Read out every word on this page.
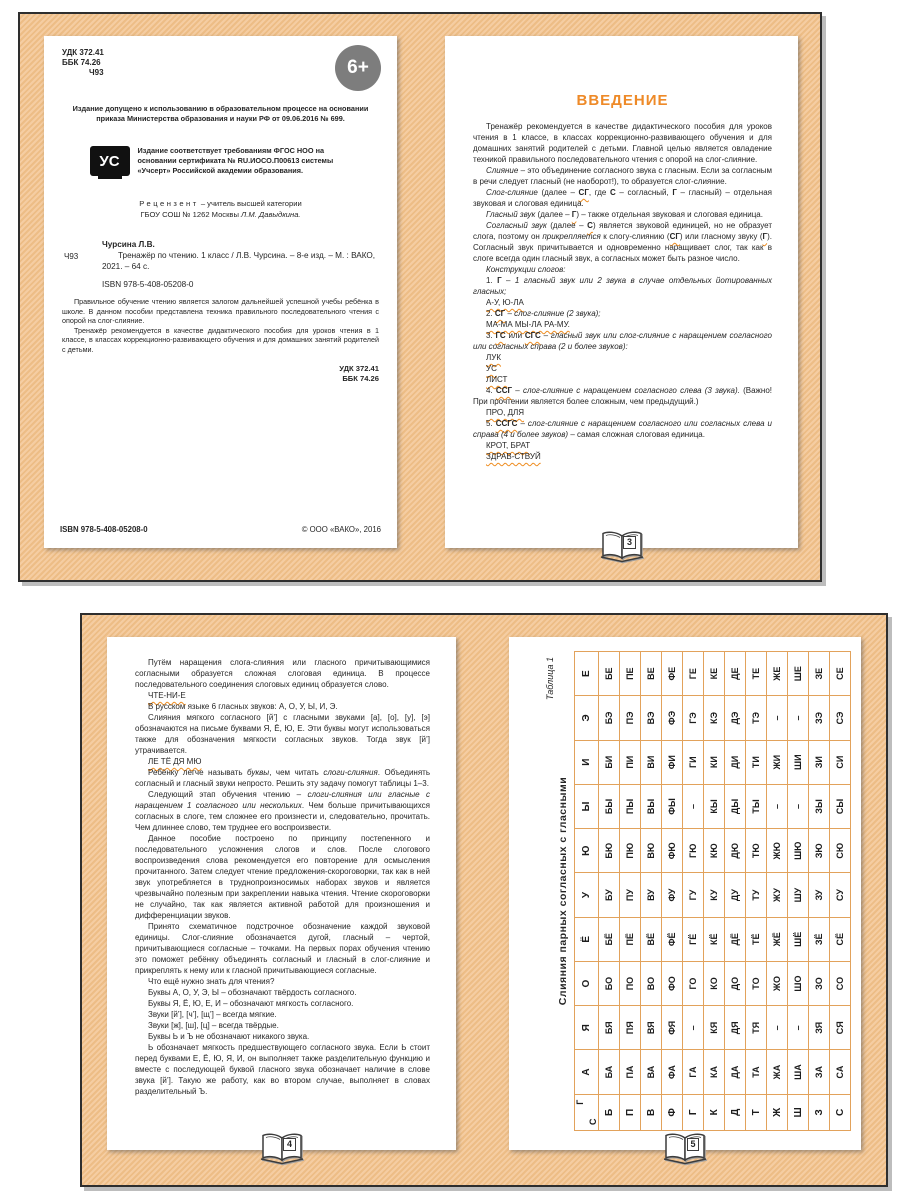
УДК 372.41
ББК 74.26
Ч93	6+
Издание допущено к использованию в образовательном процессе на основании приказа Министерства образования и науки РФ от 09.06.2016 № 699.
УС
Издание соответствует требованиям ФГОС НОО на основании сертификата № RU.ИОСО.П00613 системы «Учсерт» Российской академии образования.
Рецензент – учитель высшей категории
ГБОУ СОШ № 1262 Москвы Л.М. Давыдкина.
Чурсина Л.В.
Ч93	Тренажёр по чтению. 1 класс / Л.В. Чурсина. – 8-е изд. – М. : ВАКО, 2021. – 64 с.
ISBN 978-5-408-05208-0

Правильное обучение чтению является залогом дальнейшей успешной учебы ребёнка в школе. В данном пособии представлена техника правильного последовательного чтения с опорой на слог-слияние.

Тренажёр рекомендуется в качестве дидактического пособия для уроков чтения в 1 классе, в классах коррекционно-развивающего обучения и для домашних занятий родителей с детьми.

УДК 372.41
ББК 74.26
ISBN 978-5-408-05208-0	© ООО «ВАКО», 2016
ВВЕДЕНИЕ

Тренажёр рекомендуется в качестве дидактического пособия для уроков чтения в 1 классе, в классах коррекционно-развивающего обучения и для домашних занятий родителей с детьми. Главной целью является овладение техникой правильного последовательного чтения с опорой на слог-слияние.

Слияние – это объединение согласного звука с гласным. Если за согласным в речи следует гласный (не наоборот!), то образуется слог-слияние.

Слог-слияние (далее – СГ, где С – согласный, Г – гласный) – отдельная звуковая и слоговая единица.

Гласный звук (далее – Г) – также отдельная звуковая и слоговая единица.

Согласный звук (далее – С) является звуковой единицей, но не образует слога, поэтому он прикрепляется к слогу-слиянию (СГ) или гласному звуку (Г). Согласный звук причитывается и одновременно наращивает слог, так как в слоге всегда один гласный звук, а согласных может быть разное число.

Конструкции слогов:

1. Г – 1 гласный звук или 2 звука в случае отдельных йотированных гласных;

А-У, Ю-ЛА

2. СГ – слог-слияние (2 звука);

МА-МА МЫ-ЛА РА-МУ.

3. ГС или СГС – гласный звук или слог-слияние с наращением согласного или согласных справа (2 и более звуков):

ЛУК

УС

ЛИСТ

4. ССГ – слог-слияние с наращением согласного слева (3 звука). (Важно! При прочтении является более сложным, чем предыдущий.)

ПРО, ДЛЯ

5. ССГС – слог-слияние с наращением согласного или согласных слева и справа (4 и более звуков) – самая сложная слоговая единица.

КРОТ, БРАТ

ЗДРАВ-СТВУЙ

3

Путём наращения слога-слияния или гласного причитывающимися согласными образуется сложная слоговая единица. В процессе последовательного соединения слоговых единиц образуется слово.

ЧТЕ-НИ-Е

В русском языке 6 гласных звуков: А, О, У, Ы, И, Э.

Слияния мягкого согласного [й’] с гласными звуками [а], [о], [у], [э] обозначаются на письме буквами Я, Ё, Ю, Е. Эти буквы могут использоваться также для обозначения мягкости согласных звуков. Тогда звук [й’] утрачивается.

ЛЕ ТЁ ДЯ МЮ

Ребёнку легче называть буквы, чем читать слоги-слияния. Объединять согласный и гласный звуки непросто. Решить эту задачу помогут таблицы 1–3.

Следующий этап обучения чтению – слоги-слияния или гласные с наращением 1 согласного или нескольких. Чем больше причитывающихся согласных в слоге, тем сложнее его произнести и, следовательно, прочитать. Чем длиннее слово, тем труднее его воспроизвести.

Данное пособие построено по принципу постепенного и последовательного усложнения слогов и слов. После слогового воспроизведения слова рекомендуется его повторение для осмысления прочитанного. Затем следует чтение предложения-скороговорки, так как в ней звук употребляется в труднопроизносимых наборах звуков и является чрезвычайно полезным при закреплении навыка чтения. Чтение скороговорки не случайно, так как является активной работой для произношения и дифференциации звуков.

Принято схематичное подстрочное обозначение каждой звуковой единицы. Слог-слияние обозначается дугой, гласный – чертой, причитывающиеся согласные – точками. На первых порах обучения чтению это поможет ребёнку объединять согласный и гласный в слог-слияние и прикреплять к нему или к гласной причитывающиеся согласные.

Что ещё нужно знать для чтения?

Буквы А, О, У, Э, Ы – обозначают твёрдость согласного.

Буквы Я, Ё, Ю, Е, И – обозначают мягкость согласного.

Звуки [й’], [ч’], [щ’] – всегда мягкие.

Звуки [ж], [ш], [ц] – всегда твёрдые.

Буквы Ь и Ъ не обозначают никакого звука.

Ь обозначает мягкость предшествующего согласного звука. Если Ь стоит перед буквами Е, Ё, Ю, Я, И, он выполняет также разделительную функцию и вместе с последующей буквой гласного звука обозначает наличие в слове звука [й’]. Такую же работу, как во втором случае, выполняет в словах разделительный Ъ.

4
Таблица 1
Слияния парных согласных с гласными
Г
С	А	Я	О	Ё	У	Ю	Ы	И	Э	Е
Б	БА	БЯ	БО	БЁ	БУ	БЮ	БЫ	БИ	БЭ	БЕ
П	ПА	ПЯ	ПО	ПЁ	ПУ	ПЮ	ПЫ	ПИ	ПЭ	ПЕ
В	ВА	ВЯ	ВО	ВЁ	ВУ	ВЮ	ВЫ	ВИ	ВЭ	ВЕ
Ф	ФА	ФЯ	ФО	ФЁ	ФУ	ФЮ	ФЫ	ФИ	ФЭ	ФЕ
Г	ГА	–	ГО	ГЁ	ГУ	ГЮ	–	ГИ	ГЭ	ГЕ
К	КА	КЯ	КО	КЁ	КУ	КЮ	КЫ	КИ	КЭ	КЕ
Д	ДА	ДЯ	ДО	ДЁ	ДУ	ДЮ	ДЫ	ДИ	ДЭ	ДЕ
Т	ТА	ТЯ	ТО	ТЁ	ТУ	ТЮ	ТЫ	ТИ	ТЭ	ТЕ
Ж	ЖА	–	ЖО	ЖЁ	ЖУ	ЖЮ	–	ЖИ	–	ЖЕ
Ш	ША	–	ШО	ШЁ	ШУ	ШЮ	–	ШИ	–	ШЕ
З	ЗА	ЗЯ	ЗО	ЗЁ	ЗУ	ЗЮ	ЗЫ	ЗИ	ЗЭ	ЗЕ
С	СА	СЯ	СО	СЁ	СУ	СЮ	СЫ	СИ	СЭ	СЕ
5
